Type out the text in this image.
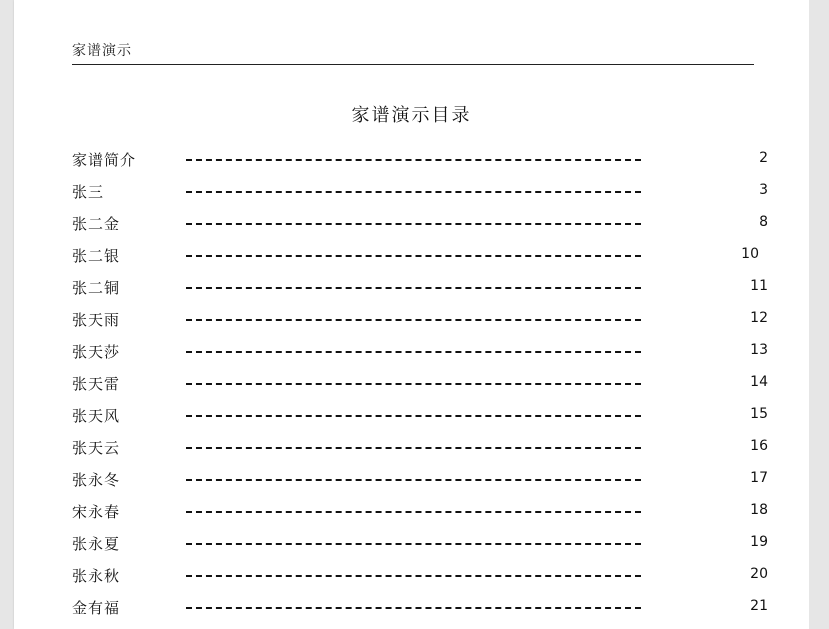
家谱演示
家谱演示目录
家谱简介	2
张三	3
张二金	8
张二银	10
张二铜	11
张天雨	12
张天莎	13
张天雷	14
张天风	15
张天云	16
张永冬	17
宋永春	18
张永夏	19
张永秋	20
金有福	21
